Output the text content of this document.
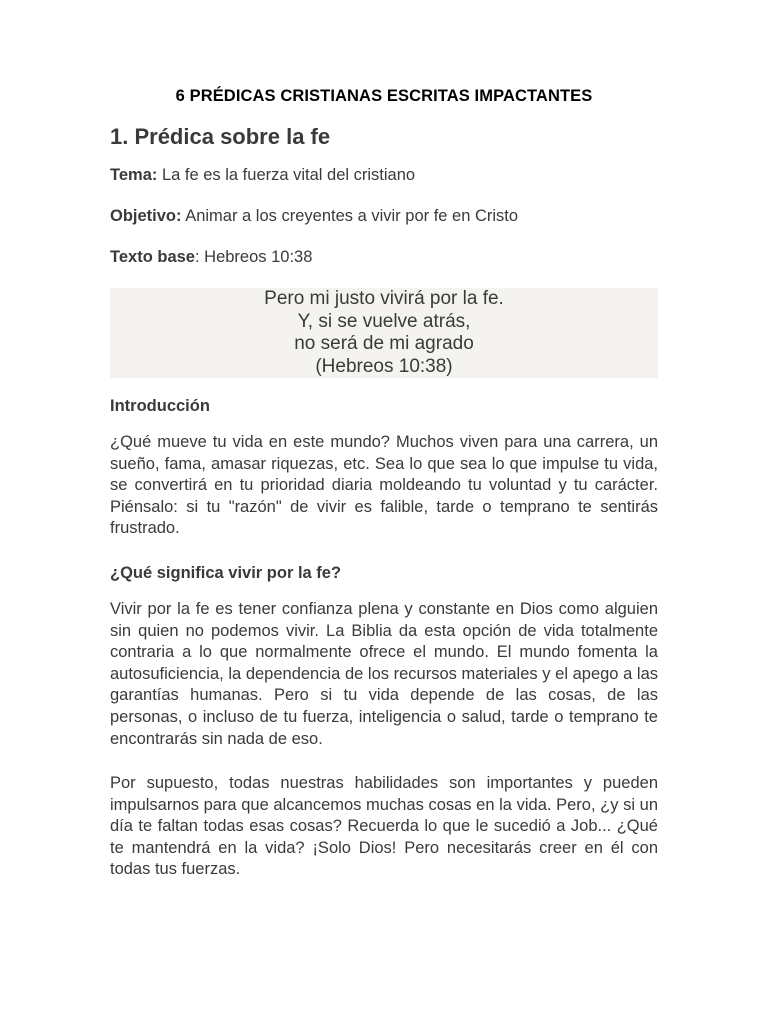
6 PRÉDICAS CRISTIANAS ESCRITAS IMPACTANTES
1. Prédica sobre la fe

Tema: La fe es la fuerza vital del cristiano

Objetivo: Animar a los creyentes a vivir por fe en Cristo

Texto base: Hebreos 10:38

Pero mi justo vivirá por la fe.
Y, si se vuelve atrás,
no será de mi agrado
(Hebreos 10:38)
Introducción

¿Qué mueve tu vida en este mundo? Muchos viven para una carrera, un sueño, fama, amasar riquezas, etc. Sea lo que sea lo que impulse tu vida, se convertirá en tu prioridad diaria moldeando tu voluntad y tu carácter. Piénsalo: si tu "razón" de vivir es falible, tarde o temprano te sentirás frustrado.

¿Qué significa vivir por la fe?

Vivir por la fe es tener confianza plena y constante en Dios como alguien sin quien no podemos vivir. La Biblia da esta opción de vida totalmente contraria a lo que normalmente ofrece el mundo. El mundo fomenta la autosuficiencia, la dependencia de los recursos materiales y el apego a las garantías humanas. Pero si tu vida depende de las cosas, de las personas, o incluso de tu fuerza, inteligencia o salud, tarde o temprano te encontrarás sin nada de eso.

Por supuesto, todas nuestras habilidades son importantes y pueden impulsarnos para que alcancemos muchas cosas en la vida. Pero, ¿y si un día te faltan todas esas cosas? Recuerda lo que le sucedió a Job... ¿Qué te mantendrá en la vida? ¡Solo Dios! Pero necesitarás creer en él con todas tus fuerzas.
